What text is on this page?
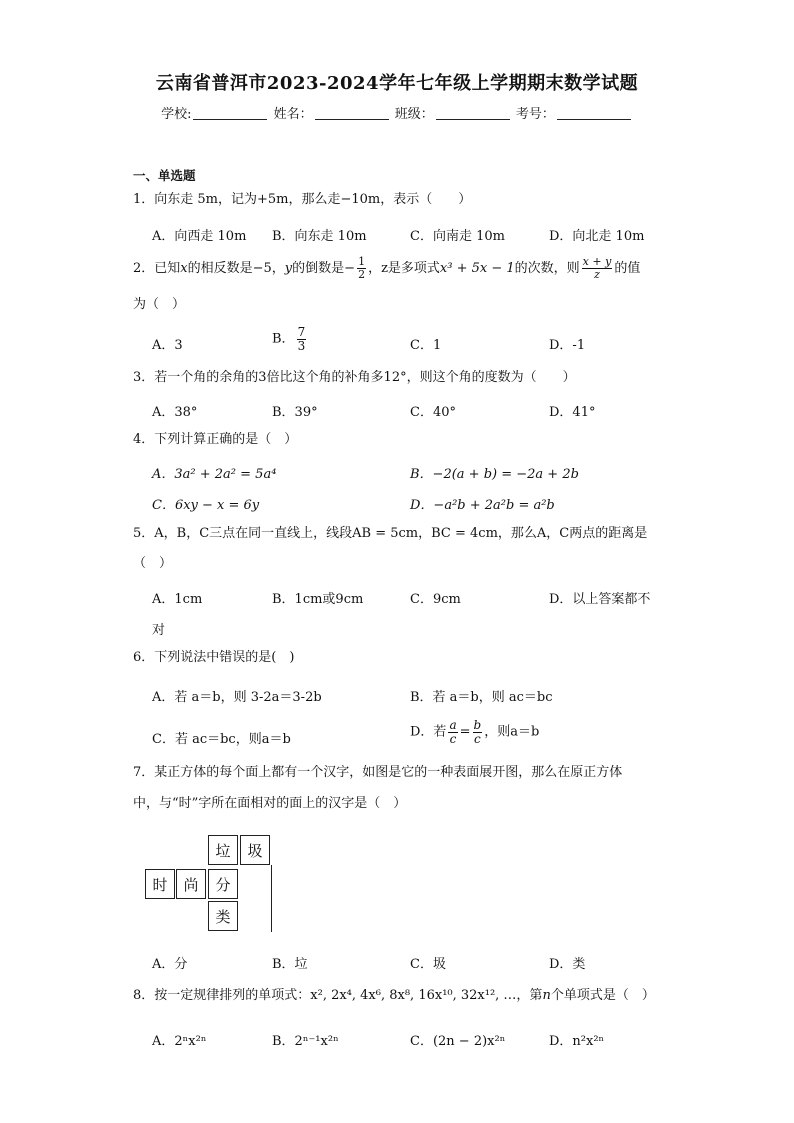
云南省普洱市2023-2024学年七年级上学期期末数学试题
学校:	姓名：	班级：	考号：
一、单选题
1．向东走 5m，记为+5m，那么走−10m，表示（　　）
A．向西走 10m B．向东走 10m	C．向南走 10m	D．向北走 10m
2．已知x的相反数是−5，y的倒数是− $\frac{1}{2}$ ，z是多项式x³ + 5x − 1的次数，则 $\frac{x + y}{z}$ 的值
为（　）
A．3	B． $\frac{7}{3}$	C．1	D．-1
3．若一个角的余角的3倍比这个角的补角多12°，则这个角的度数为（　　）
A．38°	B．39°	C．40°	D．41°
4．下列计算正确的是（　）
A．3a² + 2a² = 5a⁴	B．−2(a + b) = −2a + 2b
C．6xy − x = 6y	D．−a²b + 2a²b = a²b
5．A，B，C三点在同一直线上，线段AB = 5cm，BC = 4cm，那么A，C两点的距离是
（　）
A．1cm	B．1cm或9cm	C．9cm	D．以上答案都不
对
6．下列说法中错误的是(　)
A．若 a＝b，则 3-2a＝3-2b	B．若 a＝b，则 ac＝bc
C．若 ac＝bc，则a＝b	D．若 $\frac{a}{c} = \frac{b}{c}$ ，则a＝b
7．某正方体的每个面上都有一个汉字，如图是它的一种表面展开图，那么在原正方体
中，与“时”字所在面相对的面上的汉字是（　）
垃	圾
时	尚	分
类
A．分	B．垃	C．圾	D．类
8．按一定规律排列的单项式：x², 2x⁴, 4x⁶, 8x⁸, 16x¹⁰, 32x¹², …，第n个单项式是（　）
A．2ⁿx²ⁿ	B．2ⁿ⁻¹x²ⁿ	C．(2n − 2)x²ⁿ	D．n²x²ⁿ
